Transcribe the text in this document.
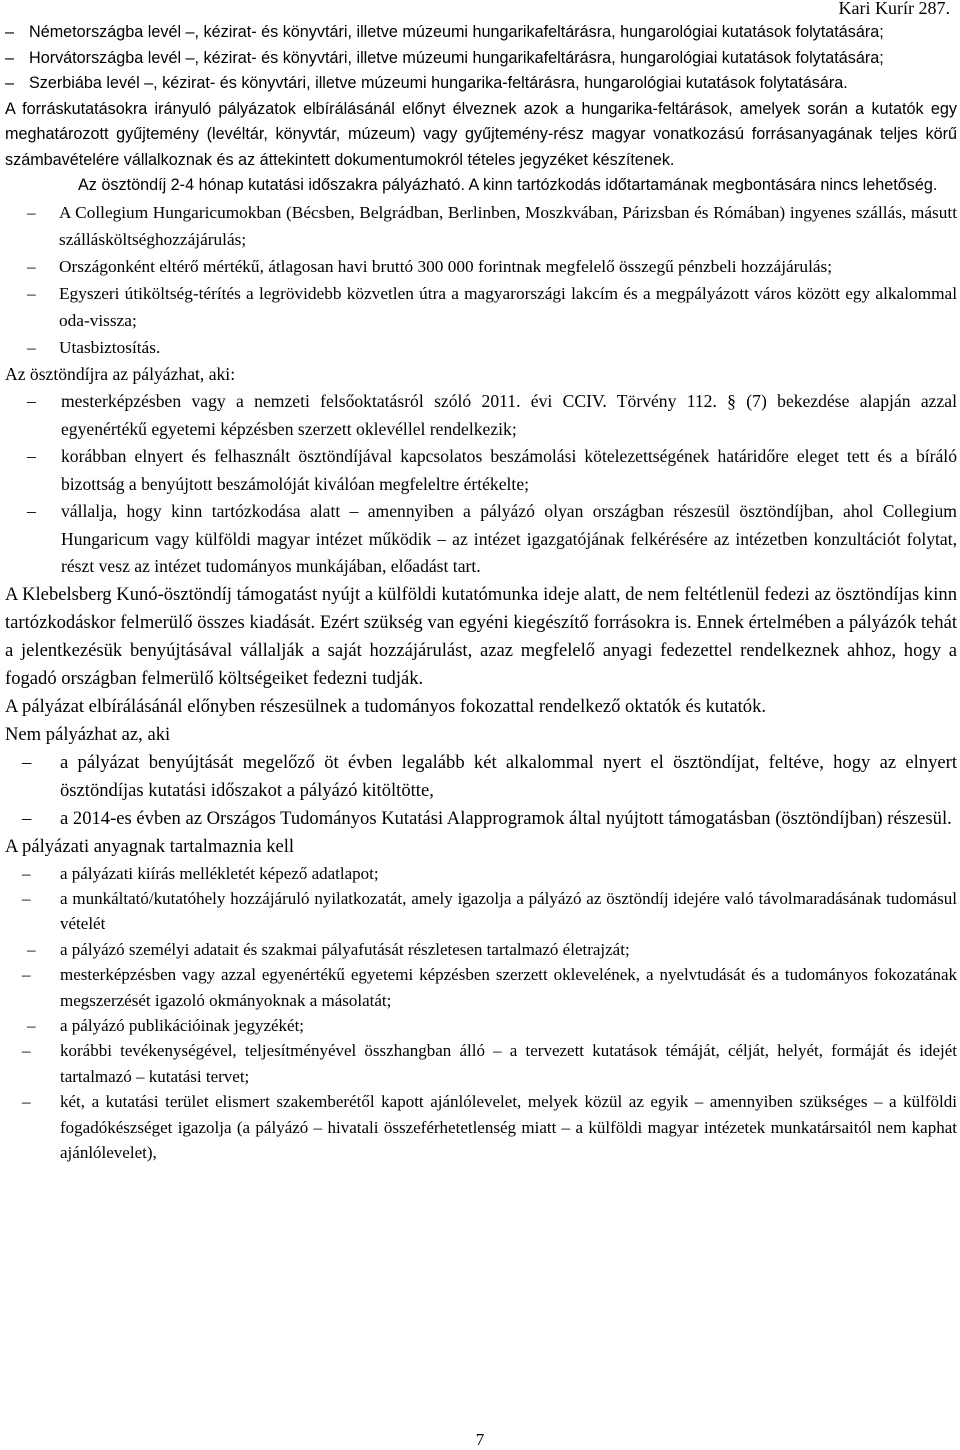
Kari Kurír 287.
– Németországba levél –, kézirat- és könyvtári, illetve múzeumi hungarikafeltárásra, hungarológiai kutatások folytatására;
– Horvátországba levél –, kézirat- és könyvtári, illetve múzeumi hungarikafeltárásra, hungarológiai kutatások folytatására;
– Szerbiába levél –, kézirat- és könyvtári, illetve múzeumi hungarika-feltárásra, hungarológiai kutatások folytatására.

A forráskutatásokra irányuló pályázatok elbírálásánál előnyt élveznek azok a hungarika-feltárások, amelyek során a kutatók egy meghatározott gyűjtemény (levéltár, könyvtár, múzeum) vagy gyűjtemény-rész magyar vonatkozású forrásanyagának teljes körű számbavételére vállalkoznak és az áttekintett dokumentumokról tételes jegyzéket készítenek.

Az ösztöndíj 2-4 hónap kutatási időszakra pályázható. A kinn tartózkodás időtartamának megbontására nincs lehetőség.

– A Collegium Hungaricumokban (Bécsben, Belgrádban, Berlinben, Moszkvában, Párizsban és Rómában) ingyenes szállás, másutt szállásköltséghozzájárulás;
– Országonként eltérő mértékű, átlagosan havi bruttó 300 000 forintnak megfelelő összegű pénzbeli hozzájárulás;
– Egyszeri útiköltség-térítés a legrövidebb közvetlen útra a magyarországi lakcím és a megpályázott város között egy alkalommal oda-vissza;
– Utasbiztosítás.

Az ösztöndíjra az pályázhat, aki:

– mesterképzésben vagy a nemzeti felsőoktatásról szóló 2011. évi CCIV. Törvény 112. § (7) bekezdése alapján azzal egyenértékű egyetemi képzésben szerzett oklevéllel rendelkezik;
– korábban elnyert és felhasznált ösztöndíjával kapcsolatos beszámolási kötelezettségének határidőre eleget tett és a bíráló bizottság a benyújtott beszámolóját kiválóan megfeleltre értékelte;
– vállalja, hogy kinn tartózkodása alatt – amennyiben a pályázó olyan országban részesül ösztöndíjban, ahol Collegium Hungaricum vagy külföldi magyar intézet működik – az intézet igazgatójának felkérésére az intézetben konzultációt folytat, részt vesz az intézet tudományos munkájában, előadást tart.

A Klebelsberg Kunó-ösztöndíj támogatást nyújt a külföldi kutatómunka ideje alatt, de nem feltétlenül fedezi az ösztöndíjas kinn tartózkodáskor felmerülő összes kiadását. Ezért szükség van egyéni kiegészítő forrásokra is. Ennek értelmében a pályázók tehát a jelentkezésük benyújtásával vállalják a saját hozzájárulást, azaz megfelelő anyagi fedezettel rendelkeznek ahhoz, hogy a fogadó országban felmerülő költségeiket fedezni tudják.

A pályázat elbírálásánál előnyben részesülnek a tudományos fokozattal rendelkező oktatók és kutatók.

Nem pályázhat az, aki

– a pályázat benyújtását megelőző öt évben legalább két alkalommal nyert el ösztöndíjat, feltéve, hogy az elnyert ösztöndíjas kutatási időszakot a pályázó kitöltötte,
– a 2014-es évben az Országos Tudományos Kutatási Alapprogramok által nyújtott támogatásban (ösztöndíjban) részesül.

A pályázati anyagnak tartalmaznia kell

– a pályázati kiírás mellékletét képező adatlapot;
– a munkáltató/kutatóhely hozzájáruló nyilatkozatát, amely igazolja a pályázó az ösztöndíj idejére való távolmaradásának tudomásul vételét
– a pályázó személyi adatait és szakmai pályafutását részletesen tartalmazó életrajzát;
– mesterképzésben vagy azzal egyenértékű egyetemi képzésben szerzett oklevelének, a nyelvtudását és a tudományos fokozatának megszerzését igazoló okmányoknak a másolatát;
– a pályázó publikációinak jegyzékét;
– korábbi tevékenységével, teljesítményével összhangban álló – a tervezett kutatások témáját, célját, helyét, formáját és idejét tartalmazó – kutatási tervet;
– két, a kutatási terület elismert szakemberétől kapott ajánlólevelet, melyek közül az egyik – amennyiben szükséges – a külföldi fogadókészséget igazolja (a pályázó – hivatali összeférhetetlenség miatt – a külföldi magyar intézetek munkatársaitól nem kaphat ajánlólevelet),
7
